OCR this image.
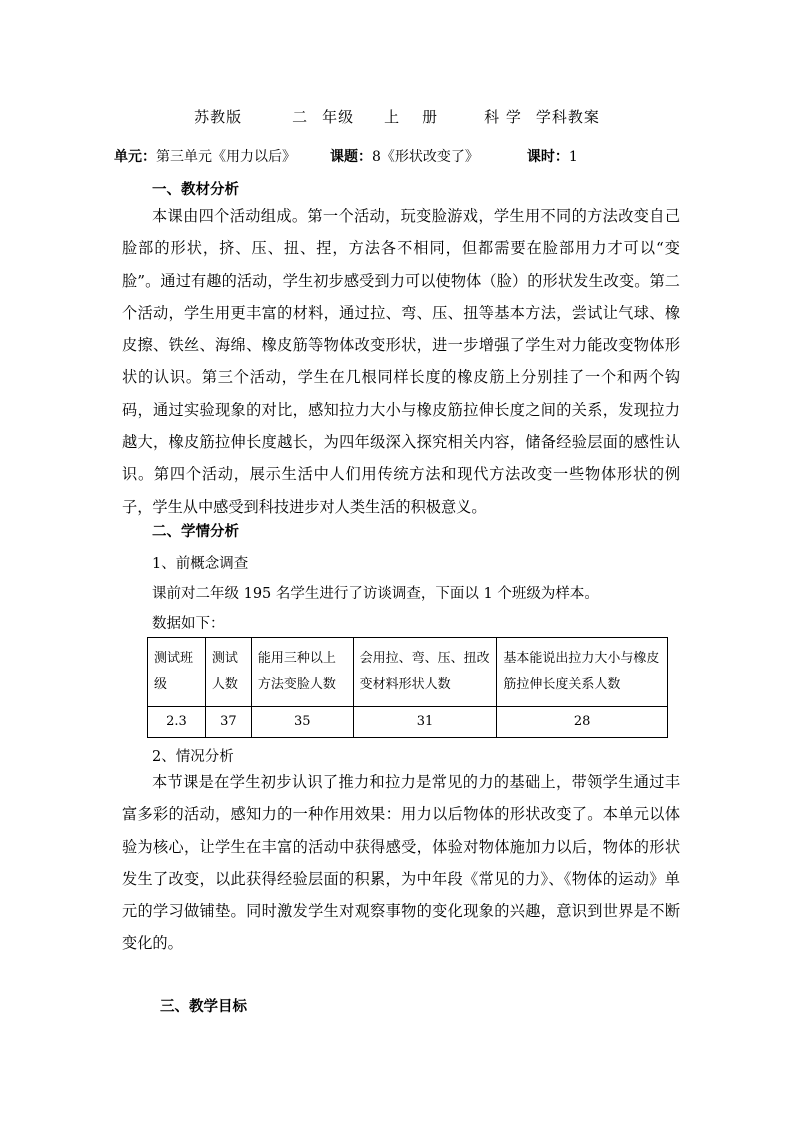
苏教版	二 年级 上 册	科 学 学科教案
单元：第三单元《用力以后》 课题：8《形状改变了》	课时：1
一、教材分析
本课由四个活动组成。第一个活动，玩变脸游戏，学生用不同的方法改变自己脸部的形状，挤、压、扭、捏，方法各不相同，但都需要在脸部用力才可以“变脸”。通过有趣的活动，学生初步感受到力可以使物体（脸）的形状发生改变。第二个活动，学生用更丰富的材料，通过拉、弯、压、扭等基本方法，尝试让气球、橡皮擦、铁丝、海绵、橡皮筋等物体改变形状，进一步增强了学生对力能改变物体形状的认识。第三个活动，学生在几根同样长度的橡皮筋上分别挂了一个和两个钩码，通过实验现象的对比，感知拉力大小与橡皮筋拉伸长度之间的关系，发现拉力越大，橡皮筋拉伸长度越长，为四年级深入探究相关内容，储备经验层面的感性认识。第四个活动，展示生活中人们用传统方法和现代方法改变一些物体形状的例子，学生从中感受到科技进步对人类生活的积极意义。
二、学情分析
1、前概念调查
课前对二年级 195 名学生进行了访谈调查，下面以 1 个班级为样本。
数据如下：
测试班级	测试人数	能用三种以上方法变脸人数	会用拉、弯、压、扭改变材料形状人数	基本能说出拉力大小与橡皮筋拉伸长度关系人数
2.3	37	35	31	28
2、情况分析
本节课是在学生初步认识了推力和拉力是常见的力的基础上，带领学生通过丰富多彩的活动，感知力的一种作用效果：用力以后物体的形状改变了。本单元以体验为核心，让学生在丰富的活动中获得感受，体验对物体施加力以后，物体的形状发生了改变，以此获得经验层面的积累，为中年段《常见的力》、《物体的运动》单元的学习做铺垫。同时激发学生对观察事物的变化现象的兴趣，意识到世界是不断变化的。
三、教学目标
